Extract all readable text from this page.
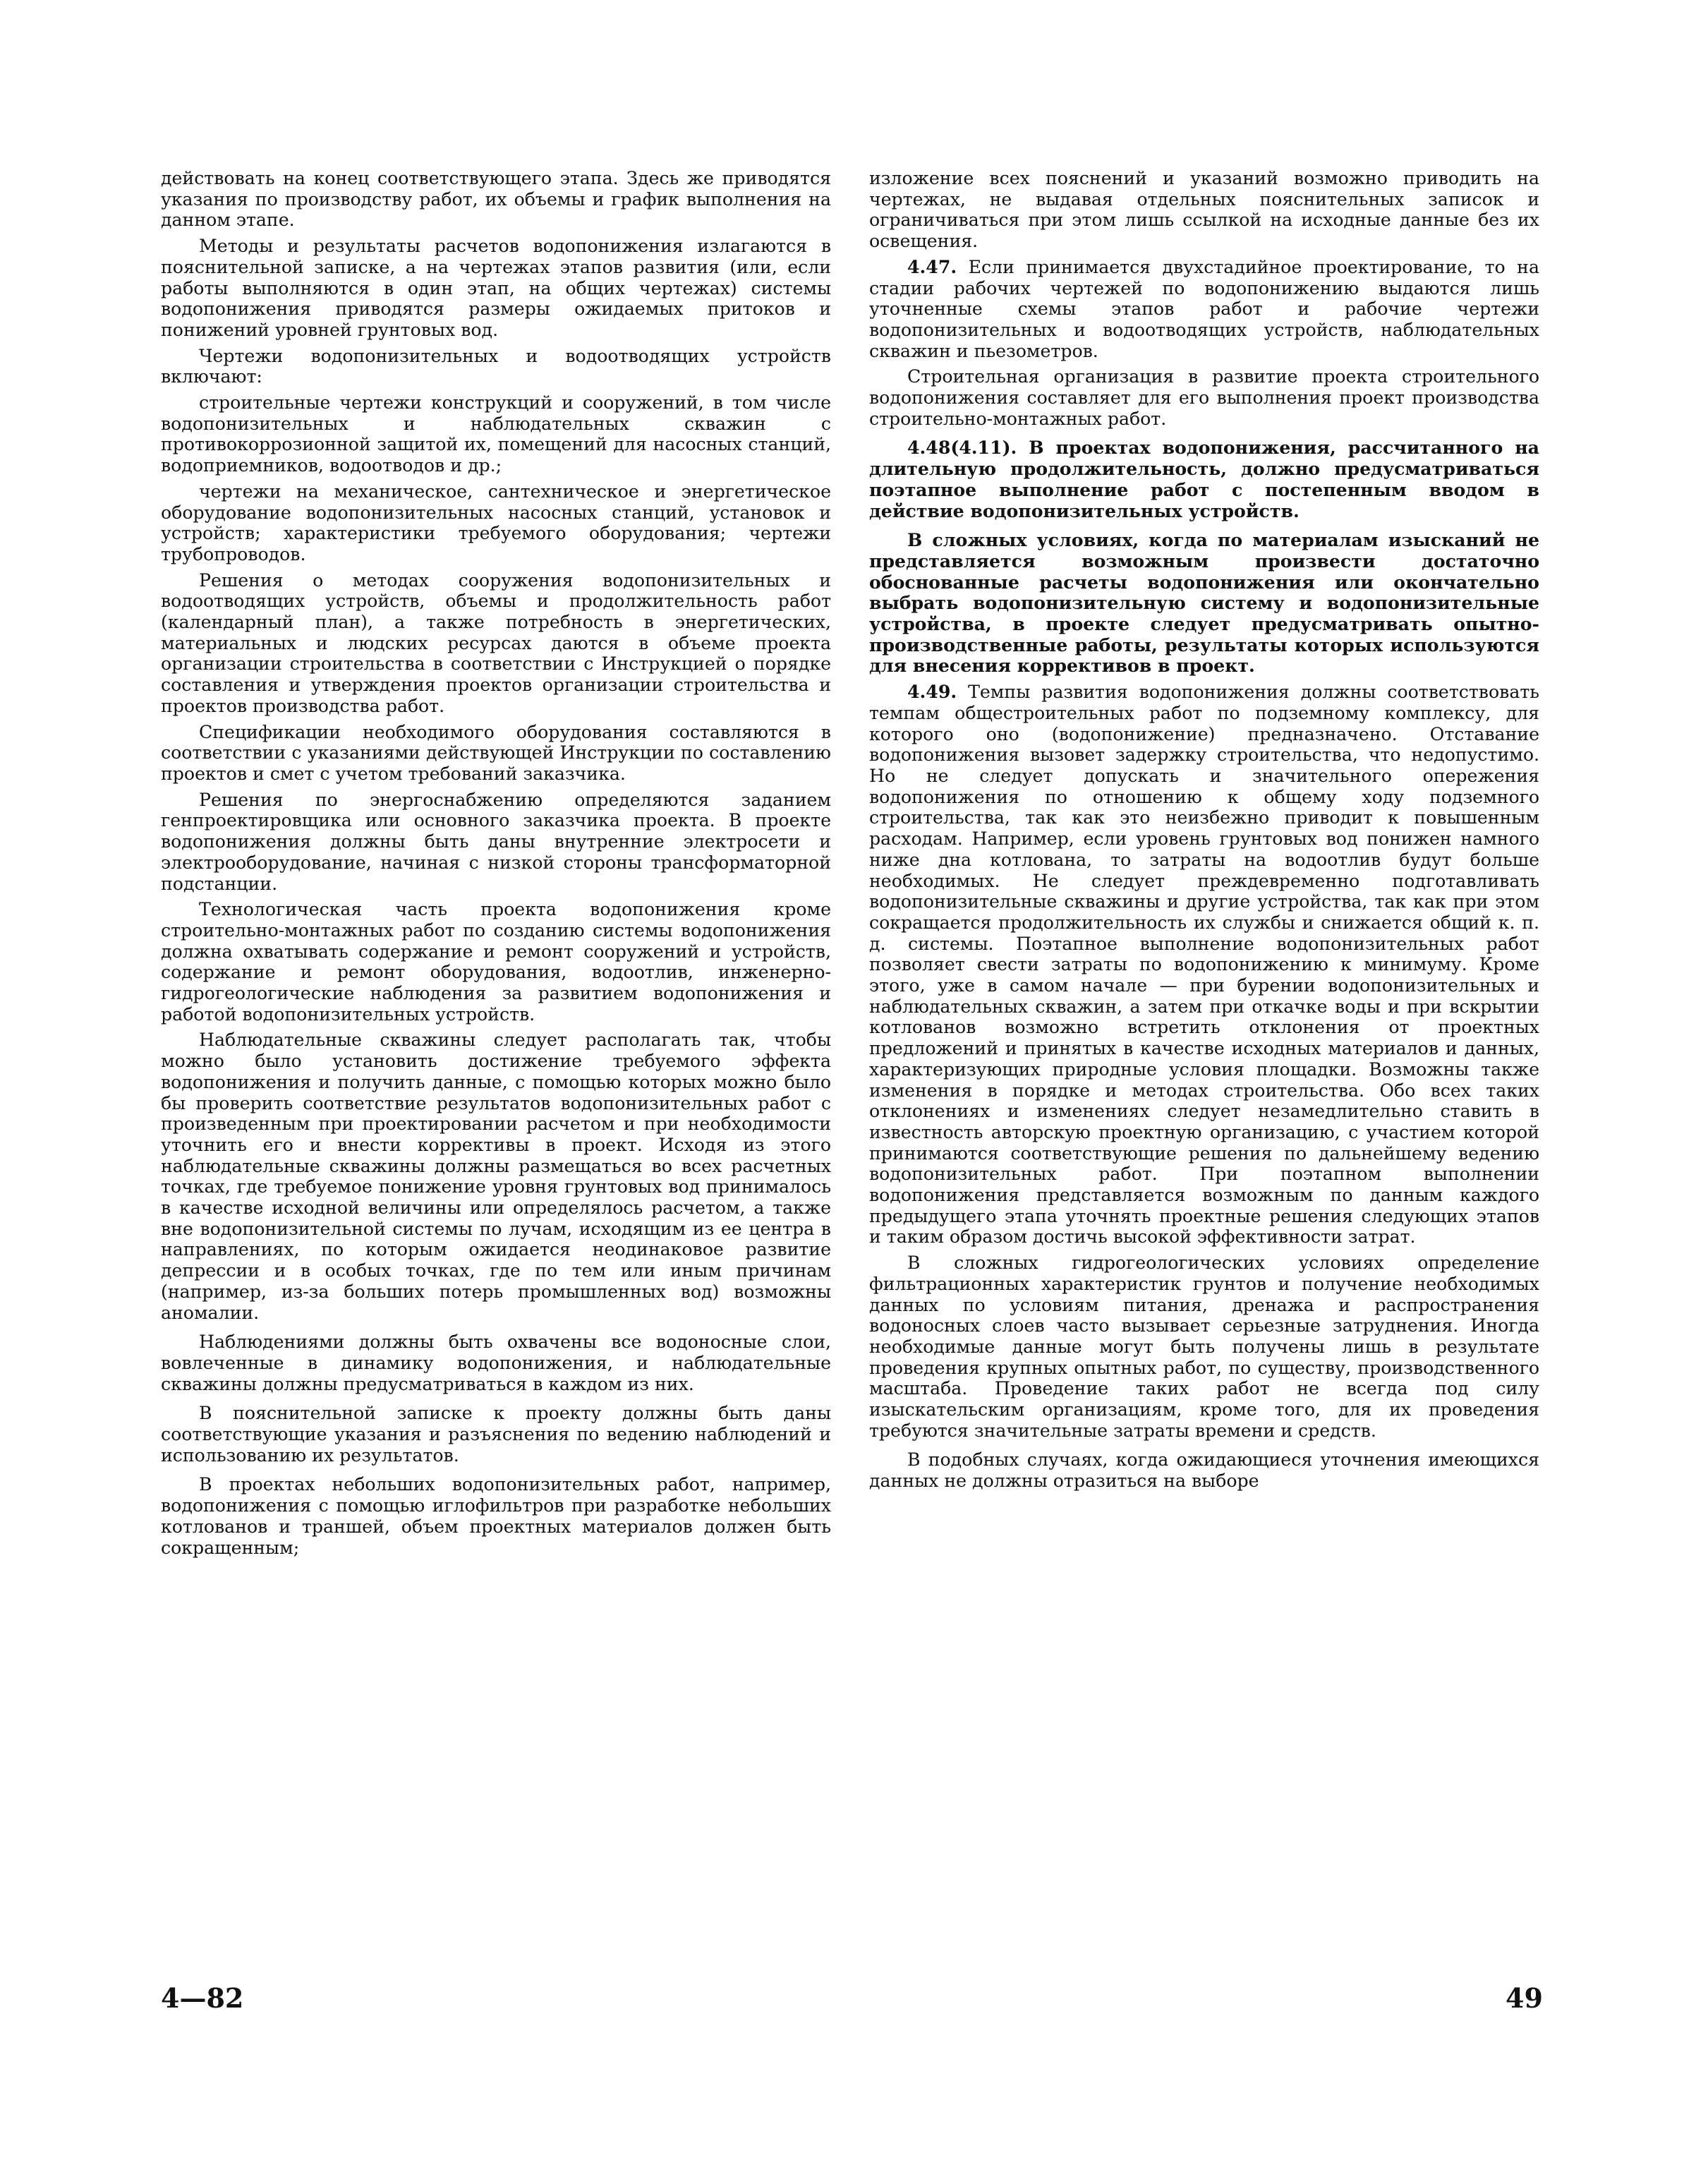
действовать на конец соответствующего этапа. Здесь же приводятся указания по производству работ, их объемы и график выполнения на данном этапе.

Методы и результаты расчетов водопонижения излагаются в пояснительной записке, а на чертежах этапов развития (или, если работы выполняются в один этап, на общих чертежах) системы водопонижения приводятся размеры ожидаемых притоков и понижений уровней грунтовых вод.

Чертежи водопонизительных и водоотводящих устройств включают:

строительные чертежи конструкций и сооружений, в том числе водопонизительных и наблюдательных скважин с противокоррозионной защитой их, помещений для насосных станций, водоприемников, водоотводов и др.;

чертежи на механическое, сантехническое и энергетическое оборудование водопонизительных насосных станций, установок и устройств; характеристики требуемого оборудования; чертежи трубопроводов.

Решения о методах сооружения водопонизительных и водоотводящих устройств, объемы и продолжительность работ (календарный план), а также потребность в энергетических, материальных и людских ресурсах даются в объеме проекта организации строительства в соответствии с Инструкцией о порядке составления и утверждения проектов организации строительства и проектов производства работ.

Спецификации необходимого оборудования составляются в соответствии с указаниями действующей Инструкции по составлению проектов и смет с учетом требований заказчика.

Решения по энергоснабжению определяются заданием генпроектировщика или основного заказчика проекта. В проекте водопонижения должны быть даны внутренние электросети и электрооборудование, начиная с низкой стороны трансформаторной подстанции.

Технологическая часть проекта водопонижения кроме строительно-монтажных работ по созданию системы водопонижения должна охватывать содержание и ремонт сооружений и устройств, содержание и ремонт оборудования, водоотлив, инженерно-гидрогеологические наблюдения за развитием водопонижения и работой водопонизительных устройств.

Наблюдательные скважины следует располагать так, чтобы можно было установить достижение требуемого эффекта водопонижения и получить данные, с помощью которых можно было бы проверить соответствие результатов водопонизительных работ с произведенным при проектировании расчетом и при необходимости уточнить его и внести коррективы в проект. Исходя из этого наблюдательные скважины должны размещаться во всех расчетных точках, где требуемое понижение уровня грунтовых вод принималось в качестве исходной величины или определялось расчетом, а также вне водопонизительной системы по лучам, исходящим из ее центра в направлениях, по которым ожидается неодинаковое развитие депрессии и в особых точках, где по тем или иным причинам (например, из-за больших потерь промышленных вод) возможны аномалии.

Наблюдениями должны быть охвачены все водоносные слои, вовлеченные в динамику водопонижения, и наблюдательные скважины должны предусматриваться в каждом из них.

В пояснительной записке к проекту должны быть даны соответствующие указания и разъяснения по ведению наблюдений и использованию их результатов.

В проектах небольших водопонизительных работ, например, водопонижения с помощью иглофильтров при разработке небольших котлованов и траншей, объем проектных материалов должен быть сокращенным;

изложение всех пояснений и указаний возможно приводить на чертежах, не выдавая отдельных пояснительных записок и ограничиваться при этом лишь ссылкой на исходные данные без их освещения.

4.47. Если принимается двухстадийное проектирование, то на стадии рабочих чертежей по водопонижению выдаются лишь уточненные схемы этапов работ и рабочие чертежи водопонизительных и водоотводящих устройств, наблюдательных скважин и пьезометров.

Строительная организация в развитие проекта строительного водопонижения составляет для его выполнения проект производства строительно-монтажных работ.

4.48(4.11). В проектах водопонижения, рассчитанного на длительную продолжительность, должно предусматриваться поэтапное выполнение работ с постепенным вводом в действие водопонизительных устройств.

В сложных условиях, когда по материалам изысканий не представляется возможным произвести достаточно обоснованные расчеты водопонижения или окончательно выбрать водопонизительную систему и водопонизительные устройства, в проекте следует предусматривать опытно-производственные работы, результаты которых используются для внесения коррективов в проект.

4.49. Темпы развития водопонижения должны соответствовать темпам общестроительных работ по подземному комплексу, для которого оно (водопонижение) предназначено. Отставание водопонижения вызовет задержку строительства, что недопустимо. Но не следует допускать и значительного опережения водопонижения по отношению к общему ходу подземного строительства, так как это неизбежно приводит к повышенным расходам. Например, если уровень грунтовых вод понижен намного ниже дна котлована, то затраты на водоотлив будут больше необходимых. Не следует преждевременно подготавливать водопонизительные скважины и другие устройства, так как при этом сокращается продолжительность их службы и снижается общий к. п. д. системы. Поэтапное выполнение водопонизительных работ позволяет свести затраты по водопонижению к минимуму. Кроме этого, уже в самом начале — при бурении водопонизительных и наблюдательных скважин, а затем при откачке воды и при вскрытии котлованов возможно встретить отклонения от проектных предложений и принятых в качестве исходных материалов и данных, характеризующих природные условия площадки. Возможны также изменения в порядке и методах строительства. Обо всех таких отклонениях и изменениях следует незамедлительно ставить в известность авторскую проектную организацию, с участием которой принимаются соответствующие решения по дальнейшему ведению водопонизительных работ. При поэтапном выполнении водопонижения представляется возможным по данным каждого предыдущего этапа уточнять проектные решения следующих этапов и таким образом достичь высокой эффективности затрат.

В сложных гидрогеологических условиях определение фильтрационных характеристик грунтов и получение необходимых данных по условиям питания, дренажа и распространения водоносных слоев часто вызывает серьезные затруднения. Иногда необходимые данные могут быть получены лишь в результате проведения крупных опытных работ, по существу, производственного масштаба. Проведение таких работ не всегда под силу изыскательским организациям, кроме того, для их проведения требуются значительные затраты времени и средств.

В подобных случаях, когда ожидающиеся уточнения имеющихся данных не должны отразиться на выборе

4—82	49
